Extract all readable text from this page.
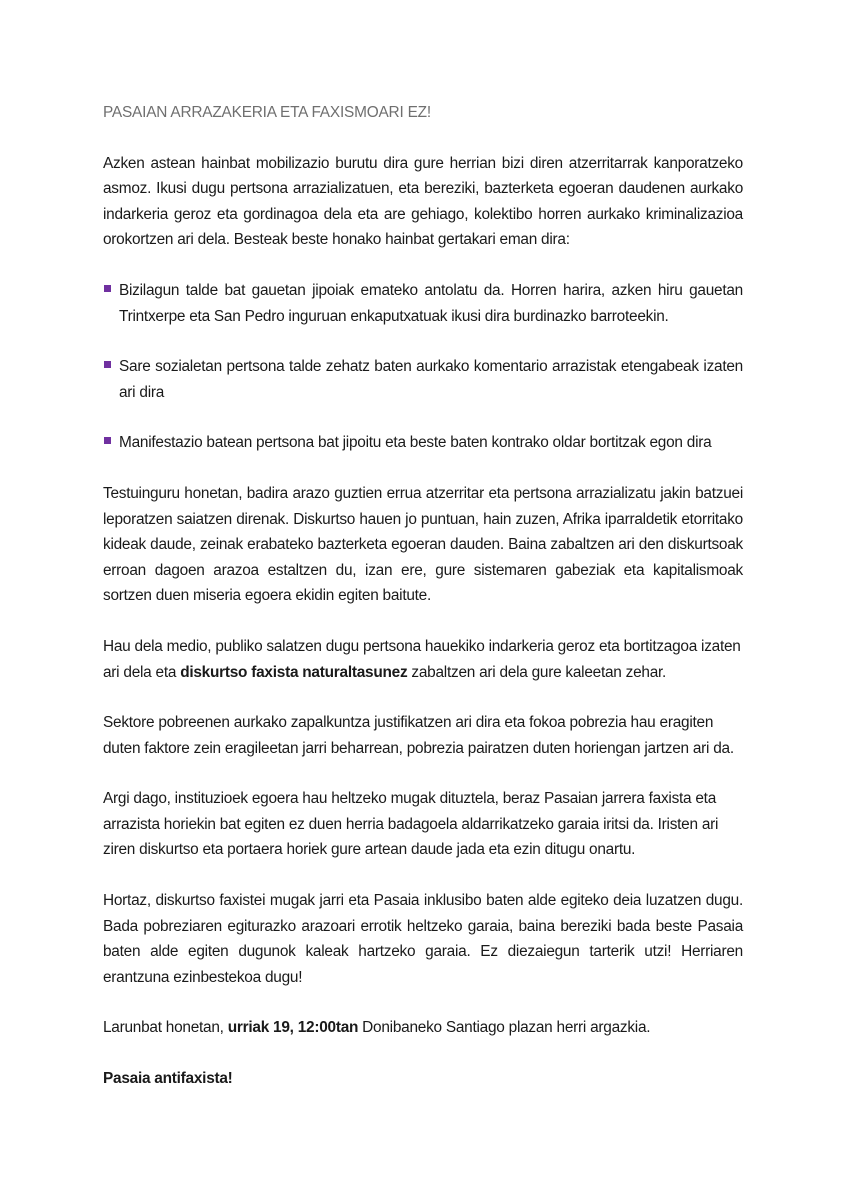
PASAIAN ARRAZAKERIA ETA FAXISMOARI EZ!

Azken astean hainbat mobilizazio burutu dira gure herrian bizi diren atzerritarrak kanporatzeko asmoz. Ikusi dugu pertsona arrazializatuen, eta bereziki, bazterketa egoeran daudenen aurkako indarkeria geroz eta gordinagoa dela eta are gehiago, kolektibo horren aurkako kriminalizazioa orokortzen ari dela. Besteak beste honako hainbat gertakari eman dira:

Bizilagun talde bat gauetan jipoiak emateko antolatu da. Horren harira, azken hiru gauetan Trintxerpe eta San Pedro inguruan enkaputxatuak ikusi dira burdinazko barroteekin.
Sare sozialetan pertsona talde zehatz baten aurkako komentario arrazistak etengabeak izaten ari dira
Manifestazio batean pertsona bat jipoitu eta beste baten kontrako oldar bortitzak egon dira

Testuinguru honetan, badira arazo guztien errua atzerritar eta pertsona arrazializatu jakin batzuei leporatzen saiatzen direnak. Diskurtso hauen jo puntuan, hain zuzen, Afrika iparraldetik etorritako kideak daude, zeinak erabateko bazterketa egoeran dauden. Baina zabaltzen ari den diskurtsoak erroan dagoen arazoa estaltzen du, izan ere, gure sistemaren gabeziak eta kapitalismoak sortzen duen miseria egoera ekidin egiten baitute.

Hau dela medio, publiko salatzen dugu pertsona hauekiko indarkeria geroz eta bortitzagoa izaten ari dela eta diskurtso faxista naturaltasunez zabaltzen ari dela gure kaleetan zehar.

Sektore pobreenen aurkako zapalkuntza justifikatzen ari dira eta fokoa pobrezia hau eragiten duten faktore zein eragileetan jarri beharrean, pobrezia pairatzen duten horiengan jartzen ari da.

Argi dago, instituzioek egoera hau heltzeko mugak dituztela, beraz Pasaian jarrera faxista eta arrazista horiekin bat egiten ez duen herria badagoela aldarrikatzeko garaia iritsi da. Iristen ari ziren diskurtso eta portaera horiek gure artean daude jada eta ezin ditugu onartu.

Hortaz, diskurtso faxistei mugak jarri eta Pasaia inklusibo baten alde egiteko deia luzatzen dugu. Bada pobreziaren egiturazko arazoari errotik heltzeko garaia, baina bereziki bada beste Pasaia baten alde egiten dugunok kaleak hartzeko garaia. Ez diezaiegun tarterik utzi! Herriaren erantzuna ezinbestekoa dugu!

Larunbat honetan, urriak 19, 12:00tan Donibaneko Santiago plazan herri argazkia.

Pasaia antifaxista!
